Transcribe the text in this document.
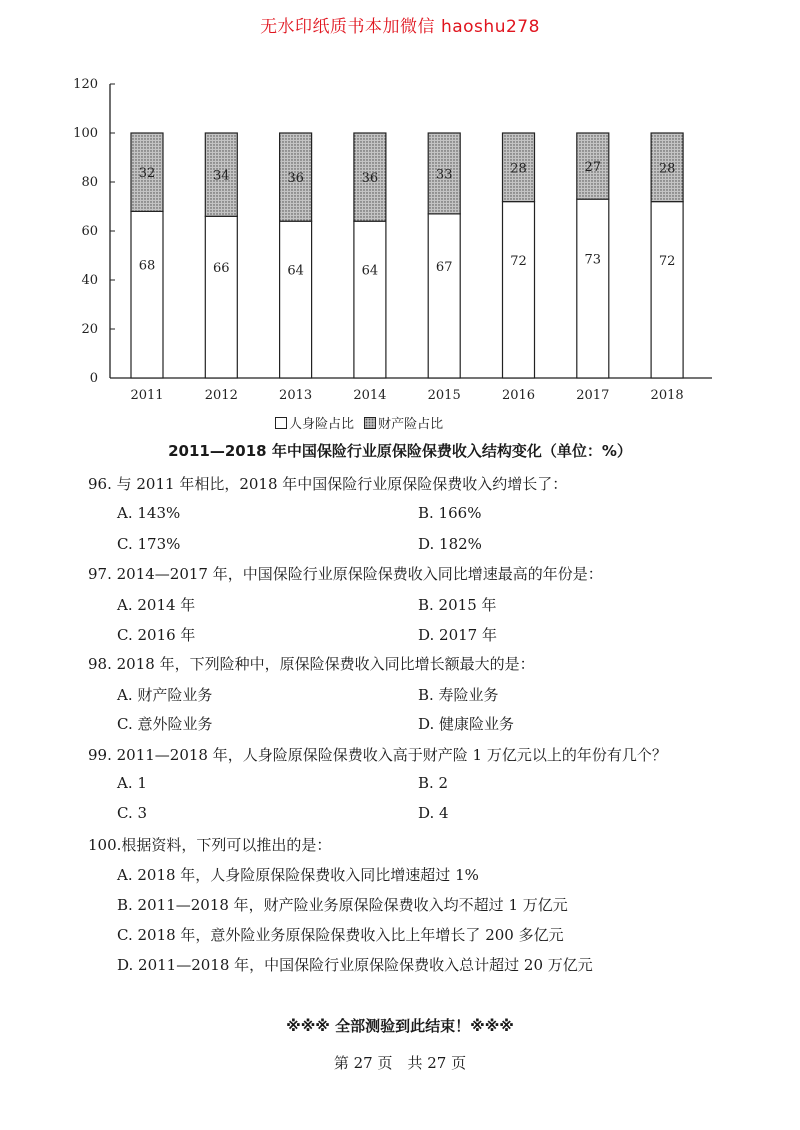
无水印纸质书本加微信 haoshu278
0
20
40
60
80
100
120
68
32
2011
66
34
2012
64
36
2013
64
36
2014
67
33
2015
72
28
2016
73
27
2017
72
28
2018
人身险占比 财产险占比
2011—2018 年中国保险行业原保险保费收入结构变化（单位：%）
96. 与 2011 年相比，2018 年中国保险行业原保险保费收入约增长了：
A. 143%	B. 166%
C. 173%	D. 182%
97. 2014—2017 年，中国保险行业原保险保费收入同比增速最高的年份是：
A. 2014 年	B. 2015 年
C. 2016 年	D. 2017 年
98. 2018 年，下列险种中，原保险保费收入同比增长额最大的是：
A. 财产险业务	B. 寿险业务
C. 意外险业务	D. 健康险业务
99. 2011—2018 年，人身险原保险保费收入高于财产险 1 万亿元以上的年份有几个？
A. 1	B. 2
C. 3	D. 4
100.根据资料，下列可以推出的是：
A. 2018 年，人身险原保险保费收入同比增速超过 1%
B. 2011—2018 年，财产险业务原保险保费收入均不超过 1 万亿元
C. 2018 年，意外险业务原保险保费收入比上年增长了 200 多亿元
D. 2011—2018 年，中国保险行业原保险保费收入总计超过 20 万亿元
※※※ 全部测验到此结束！※※※
第 27 页　共 27 页
